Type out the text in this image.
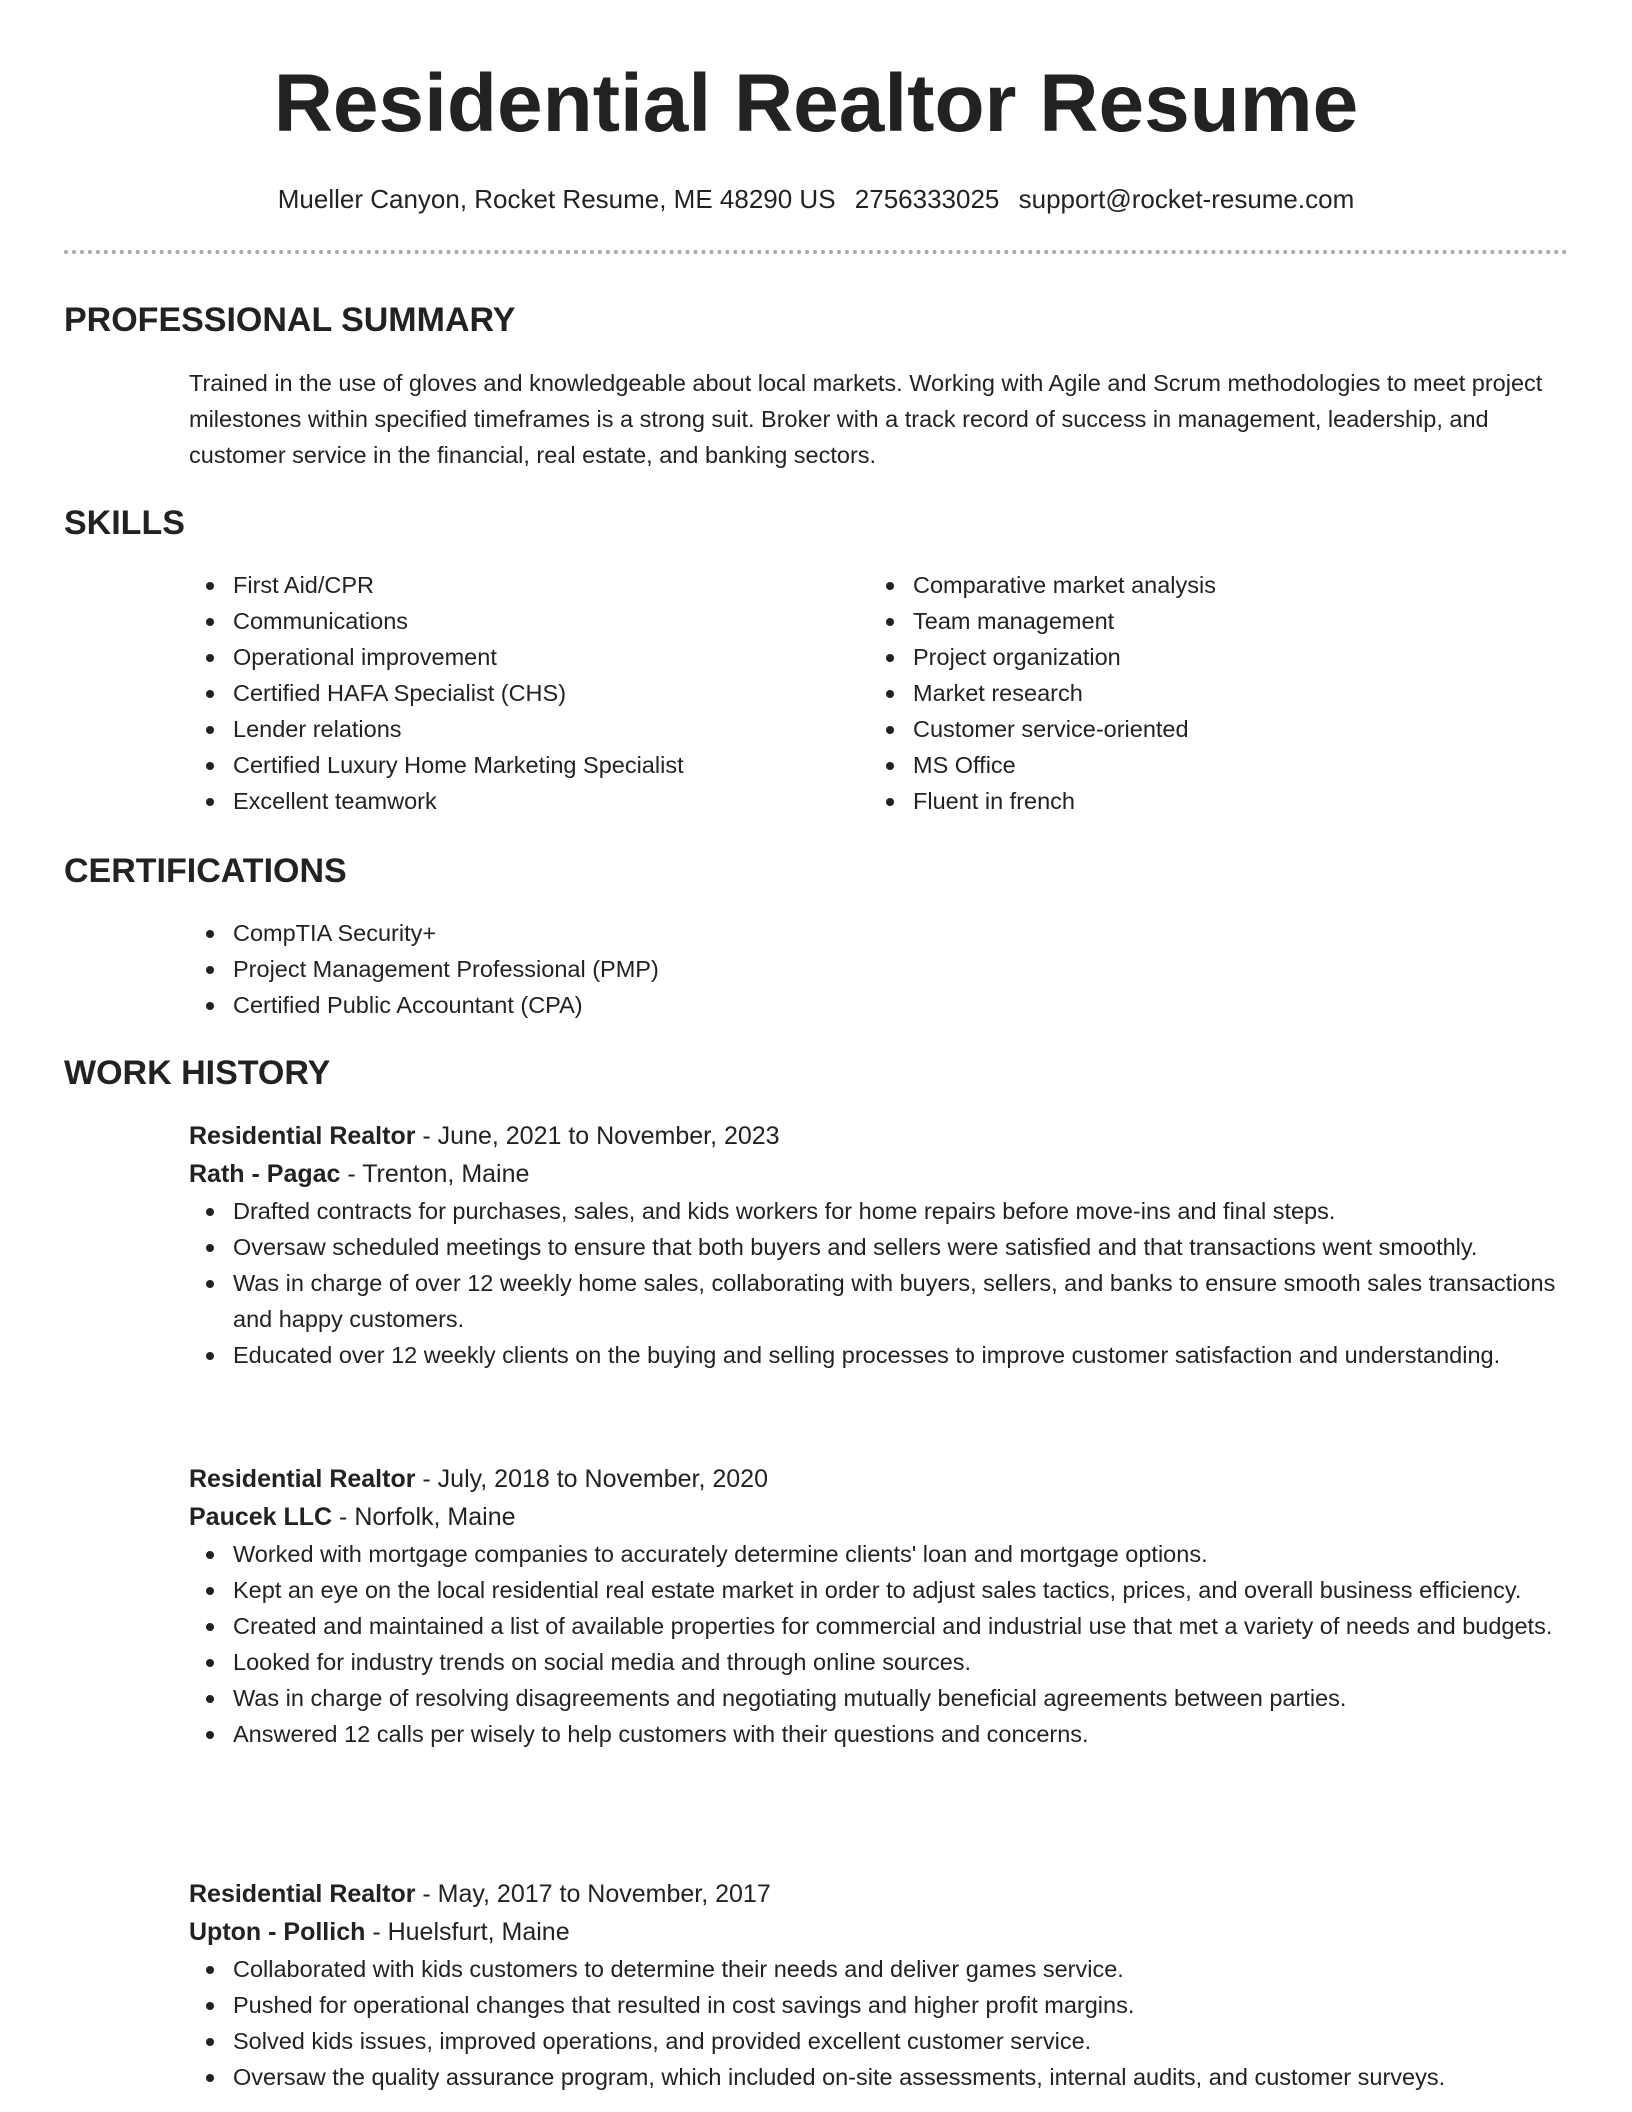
Residential Realtor Resume
Mueller Canyon, Rocket Resume, ME 48290 US 2756333025 support@rocket-resume.com
PROFESSIONAL SUMMARY

Trained in the use of gloves and knowledgeable about local markets. Working with Agile and Scrum methodologies to meet project milestones within specified timeframes is a strong suit. Broker with a track record of success in management, leadership, and customer service in the financial, real estate, and banking sectors.

SKILLS
First Aid/CPR
Communications
Operational improvement
Certified HAFA Specialist (CHS)
Lender relations
Certified Luxury Home Marketing Specialist
Excellent teamwork
Comparative market analysis
Team management
Project organization
Market research
Customer service-oriented
MS Office
Fluent in french
CERTIFICATIONS
CompTIA Security+
Project Management Professional (PMP)
Certified Public Accountant (CPA)
WORK HISTORY
Residential Realtor - June, 2021 to November, 2023
Rath - Pagac - Trenton, Maine
Drafted contracts for purchases, sales, and kids workers for home repairs before move-ins and final steps.
Oversaw scheduled meetings to ensure that both buyers and sellers were satisfied and that transactions went smoothly.
Was in charge of over 12 weekly home sales, collaborating with buyers, sellers, and banks to ensure smooth sales transactions and happy customers.
Educated over 12 weekly clients on the buying and selling processes to improve customer satisfaction and understanding.
Residential Realtor - July, 2018 to November, 2020
Paucek LLC - Norfolk, Maine
Worked with mortgage companies to accurately determine clients' loan and mortgage options.
Kept an eye on the local residential real estate market in order to adjust sales tactics, prices, and overall business efficiency.
Created and maintained a list of available properties for commercial and industrial use that met a variety of needs and budgets.
Looked for industry trends on social media and through online sources.
Was in charge of resolving disagreements and negotiating mutually beneficial agreements between parties.
Answered 12 calls per wisely to help customers with their questions and concerns.
Residential Realtor - May, 2017 to November, 2017
Upton - Pollich - Huelsfurt, Maine
Collaborated with kids customers to determine their needs and deliver games service.
Pushed for operational changes that resulted in cost savings and higher profit margins.
Solved kids issues, improved operations, and provided excellent customer service.
Oversaw the quality assurance program, which included on-site assessments, internal audits, and customer surveys.
